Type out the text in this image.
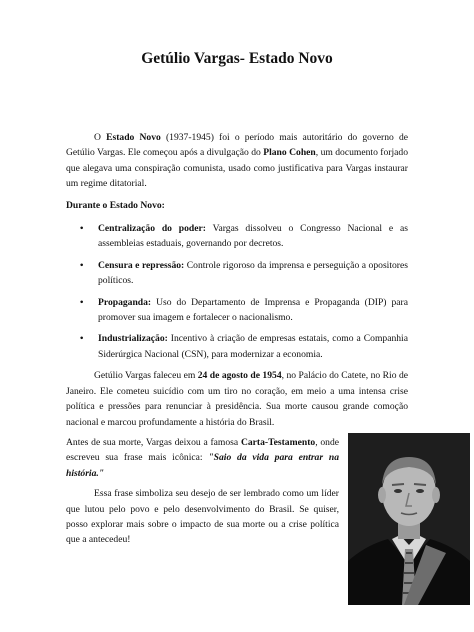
Getúlio Vargas- Estado Novo

O Estado Novo (1937-1945) foi o período mais autoritário do governo de Getúlio Vargas. Ele começou após a divulgação do Plano Cohen, um documento forjado que alegava uma conspiração comunista, usado como justificativa para Vargas instaurar um regime ditatorial.

Durante o Estado Novo:

• Centralização do poder: Vargas dissolveu o Congresso Nacional e as assembleias estaduais, governando por decretos.
• Censura e repressão: Controle rigoroso da imprensa e perseguição a opositores políticos.
• Propaganda: Uso do Departamento de Imprensa e Propaganda (DIP) para promover sua imagem e fortalecer o nacionalismo.
• Industrialização: Incentivo à criação de empresas estatais, como a Companhia Siderúrgica Nacional (CSN), para modernizar a economia.

Getúlio Vargas faleceu em 24 de agosto de 1954, no Palácio do Catete, no Rio de Janeiro. Ele cometeu suicídio com um tiro no coração, em meio a uma intensa crise política e pressões para renunciar à presidência. Sua morte causou grande comoção nacional e marcou profundamente a história do Brasil.

Antes de sua morte, Vargas deixou a famosa Carta-Testamento, onde escreveu sua frase mais icônica: "Saio da vida para entrar na história."

Essa frase simboliza seu desejo de ser lembrado como um líder que lutou pelo povo e pelo desenvolvimento do Brasil. Se quiser, posso explorar mais sobre o impacto de sua morte ou a crise política que a antecedeu!
